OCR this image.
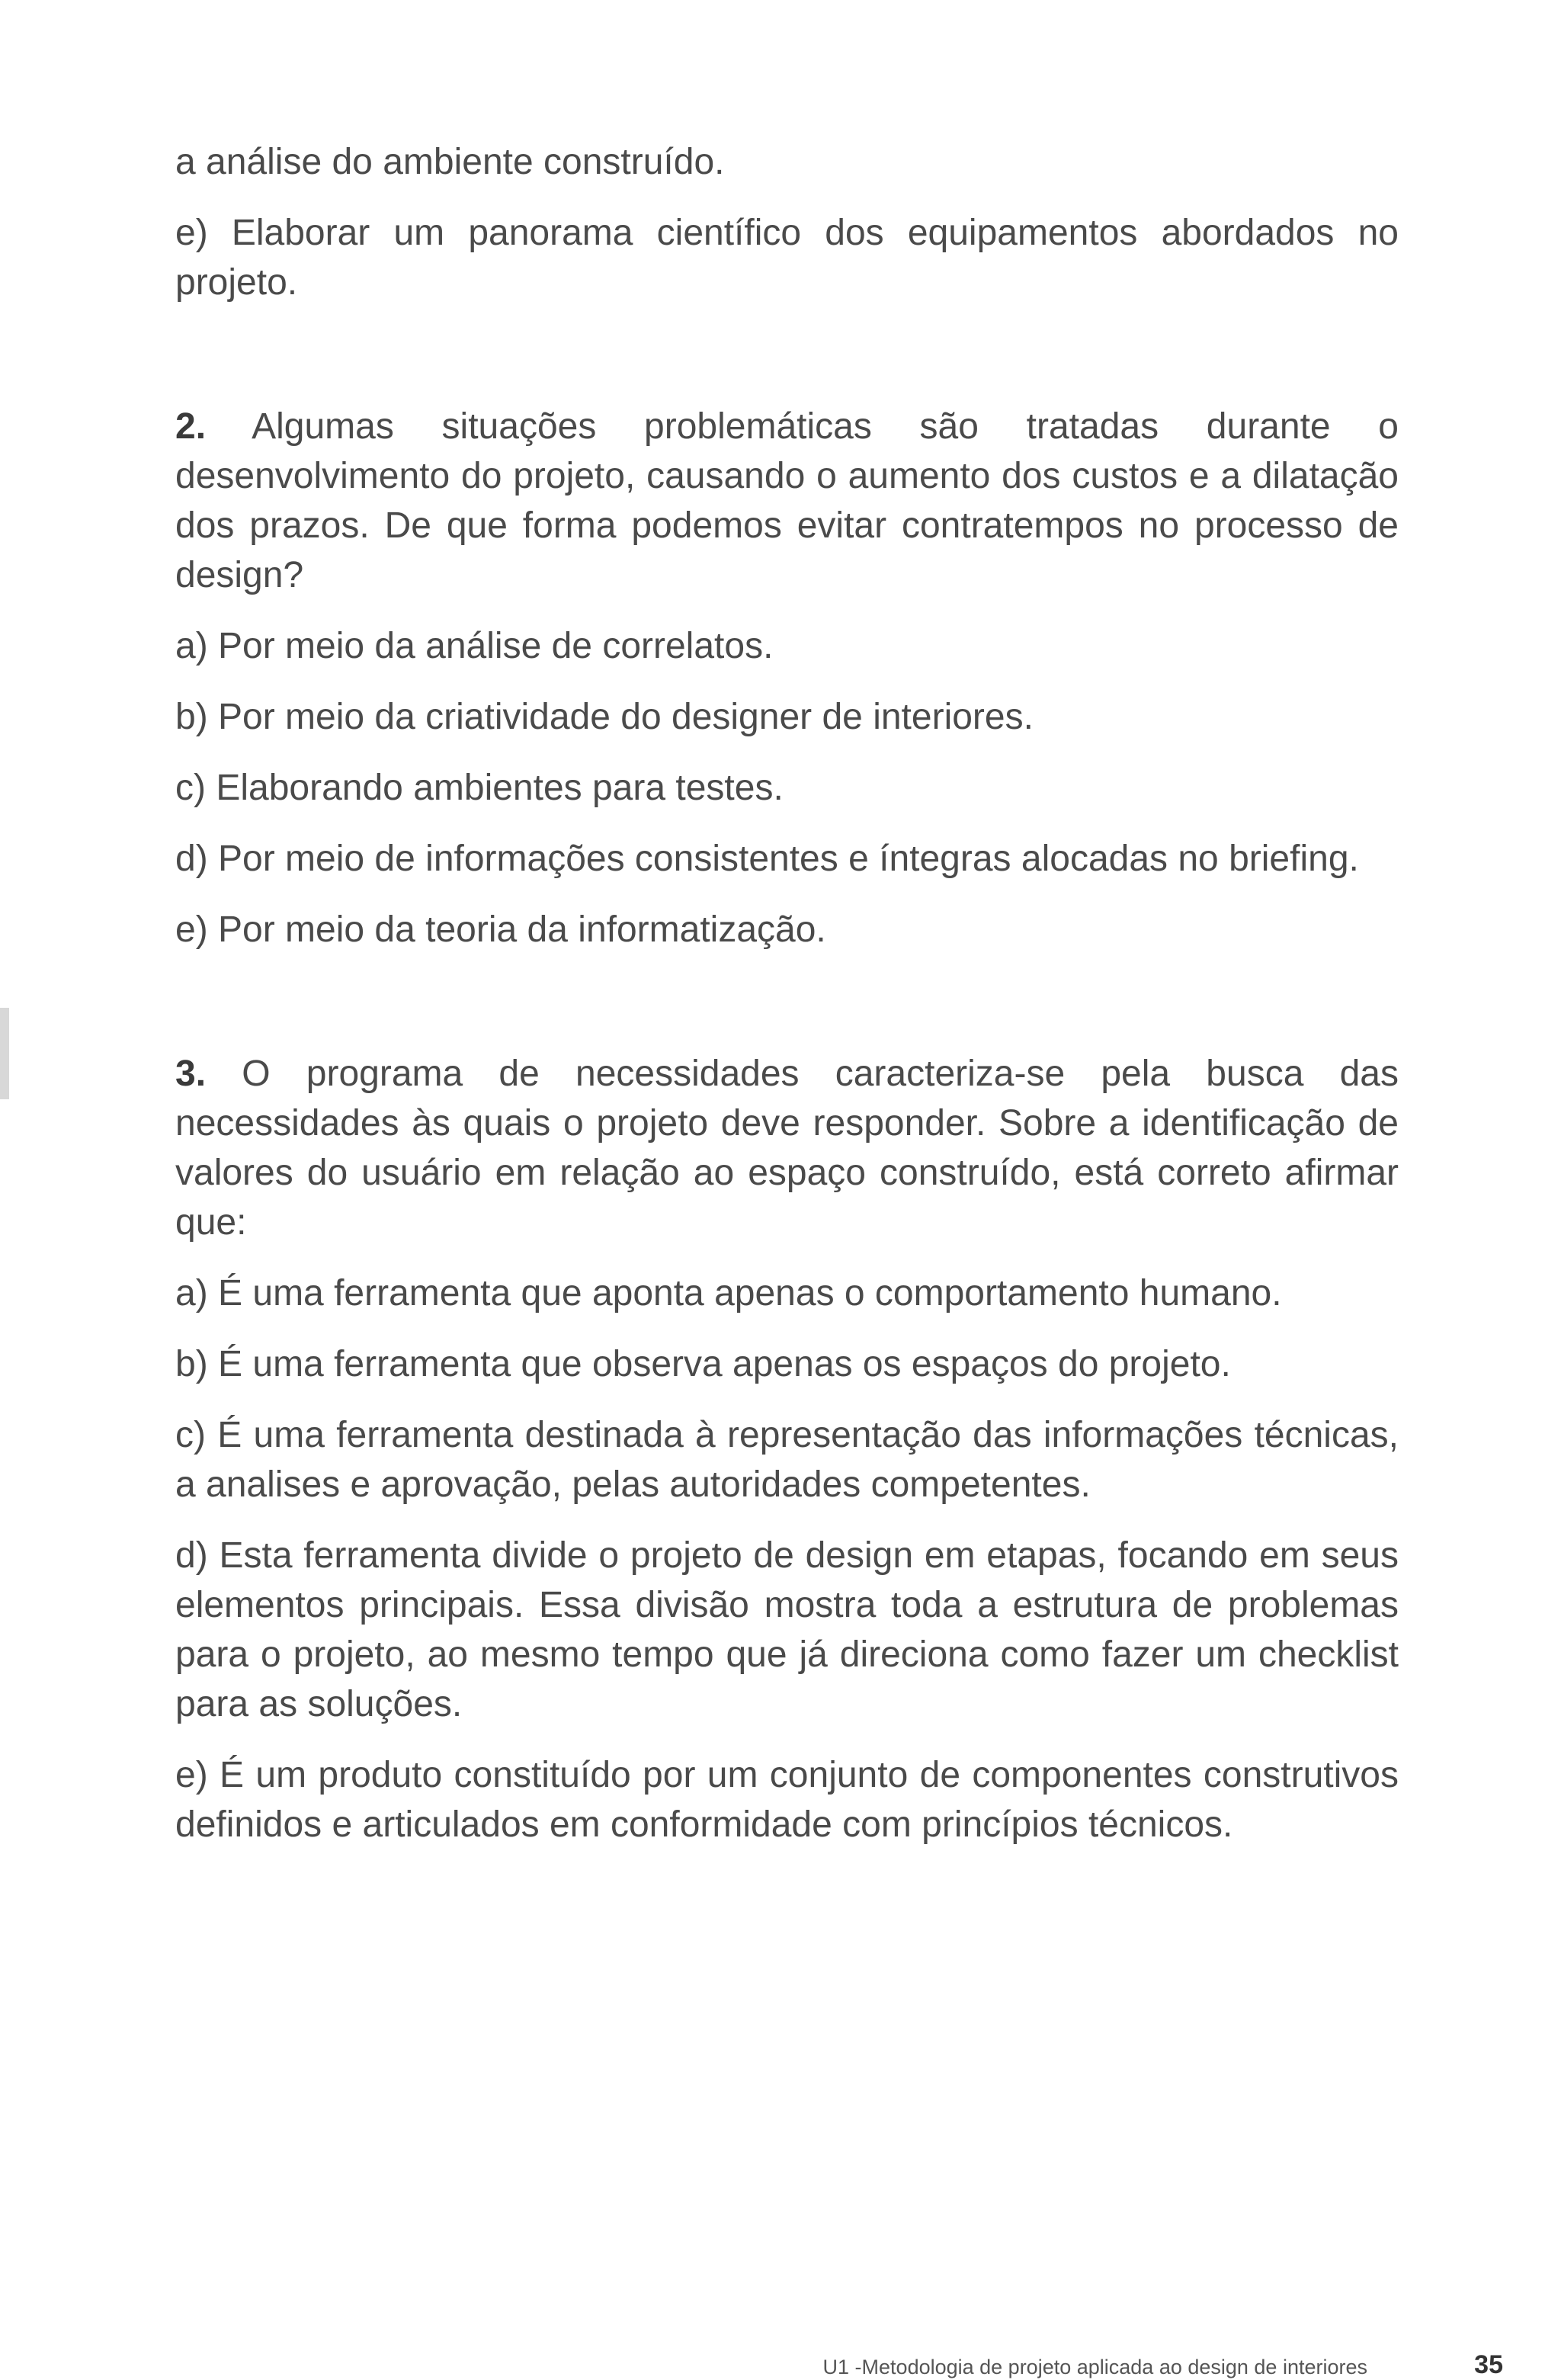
a análise do ambiente construído.

e) Elaborar um panorama científico dos equipamentos abordados no projeto.

2. Algumas situações problemáticas são tratadas durante o desenvolvimento do projeto, causando o aumento dos custos e a dilatação dos prazos. De que forma podemos evitar contratempos no processo de design?

a) Por meio da análise de correlatos.

b) Por meio da criatividade do designer de interiores.

c) Elaborando ambientes para testes.

d) Por meio de informações consistentes e íntegras alocadas no briefing.

e) Por meio da teoria da informatização.

3. O programa de necessidades caracteriza-se pela busca das necessidades às quais o projeto deve responder. Sobre a identificação de valores do usuário em relação ao espaço construído, está correto afirmar que:

a) É uma ferramenta que aponta apenas o comportamento humano.

b) É uma ferramenta que observa apenas os espaços do projeto.

c) É uma ferramenta destinada à representação das informações técnicas, a analises e aprovação, pelas autoridades competentes.

d) Esta ferramenta divide o projeto de design em etapas, focando em seus elementos principais. Essa divisão mostra toda a estrutura de problemas para o projeto, ao mesmo tempo que já direciona como fazer um checklist para as soluções.

e) É um produto constituído por um conjunto de componentes construtivos definidos e articulados em conformidade com princípios técnicos.

U1 -Metodologia de projeto aplicada ao design de interiores	35
